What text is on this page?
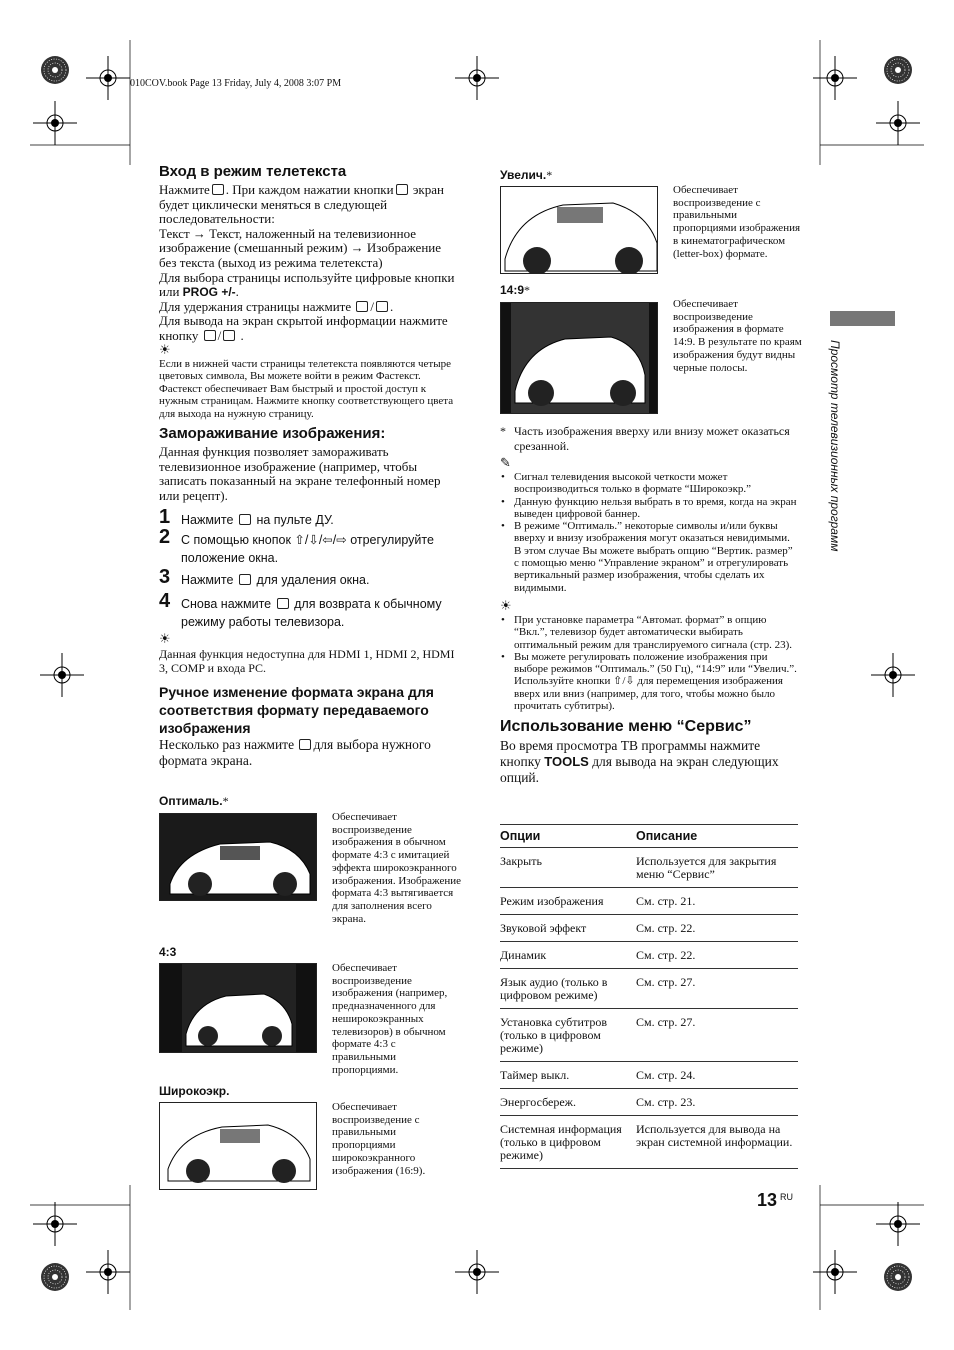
010COV.book Page 13 Friday, July 4, 2008 3:07 PM
Вход в режим телетекста
Нажмите . При каждом нажатии кнопки экран будет циклически меняться в следующей последовательности:
Текст → Текст, наложенный на телевизионное изображение (смешанный режим) → Изображение без текста (выход из режима телетекста)
Для выбора страницы используйте цифровые кнопки или PROG +/-.
Для удержания страницы нажмите / .
Для вывода на экран скрытой информации нажмите кнопку / .
☀
Если в нижней части страницы телетекста появляются четыре цветовых символа, Вы можете войти в режим Фастекст. Фастекст обеспечивает Вам быстрый и простой доступ к нужным страницам. Нажмите кнопку соответствующего цвета для выхода на нужную страницу.
Замораживание изображения:
Данная функция позволяет замораживать телевизионное изображение (например, чтобы записать показанный на экране телефонный номер или рецепт).
1 Нажмите на пульте ДУ.
2 С помощью кнопок ⇧/⇩/⇦/⇨ отрегулируйте положение окна.
3 Нажмите для удаления окна.
4 Снова нажмите для возврата к обычному режиму работы телевизора.
☀
Данная функция недоступна для HDMI 1, HDMI 2, HDMI 3, COMP и входа PC.
Ручное изменение формата экрана для соответствия формату передаваемого изображения
Несколько раз нажмите для выбора нужного формата экрана.
Оптималь.*
Обеспечивает воспроизведение изображения в обычном формате 4:3 с имитацией эффекта широкоэкранного изображения. Изображение формата 4:3 вытягивается для заполнения всего экрана.
4:3
Обеспечивает воспроизведение изображения (например, предназначенного для неширокоэкранных телевизоров) в обычном формате 4:3 с правильными пропорциями.
Широкоэкр.
Обеспечивает воспроизведение с правильными пропорциями широкоэкранного изображения (16:9).
Увелич.*
Обеспечивает воспроизведение с правильными пропорциями изображения в кинематографическом (letter-box) формате.
14:9*
Обеспечивает воспроизведение изображения в формате 14:9. В результате по краям изображения будут видны черные полосы.
* Часть изображения вверху или внизу может оказаться срезанной.
✎
• Сигнал телевидения высокой четкости может воспроизводиться только в формате “Широкоэкр.”
• Данную функцию нельзя выбрать в то время, когда на экран выведен цифровой баннер.
• В режиме “Оптималь.” некоторые символы и/или буквы вверху и внизу изображения могут оказаться невидимыми. В этом случае Вы можете выбрать опцию “Вертик. размер” с помощью меню “Управление экраном” и отрегулировать вертикальный размер изображения, чтобы сделать их видимыми.
☀
• При установке параметра “Автомат. формат” в опцию “Вкл.”, телевизор будет автоматически выбирать оптимальный режим для транслируемого сигнала (стр. 23).
• Вы можете регулировать положение изображения при выборе режимов “Оптималь.” (50 Гц), “14:9” или “Увелич.”. Используйте кнопки ⇧/⇩ для перемещения изображения вверх или вниз (например, для того, чтобы можно было прочитать субтитры).
Использование меню “Сервис”
Во время просмотра ТВ программы нажмите кнопку TOOLS для вывода на экран следующих опций.
Опции	Описание
Закрыть	Используется для закрытия меню “Сервис”
Режим изображения	См. стр. 21.
Звуковой эффект	См. стр. 22.
Динамик	См. стр. 22.
Язык аудио (только в цифровом режиме)	См. стр. 27.
Установка субтитров (только в цифровом режиме)	См. стр. 27.
Таймер выкл.	См. стр. 24.
Энергосбереж.	См. стр. 23.
Системная информация (только в цифровом режиме)	Используется для вывода на экран системной информации.
Просмотр телевизионных программ
13 $^{RU}$
